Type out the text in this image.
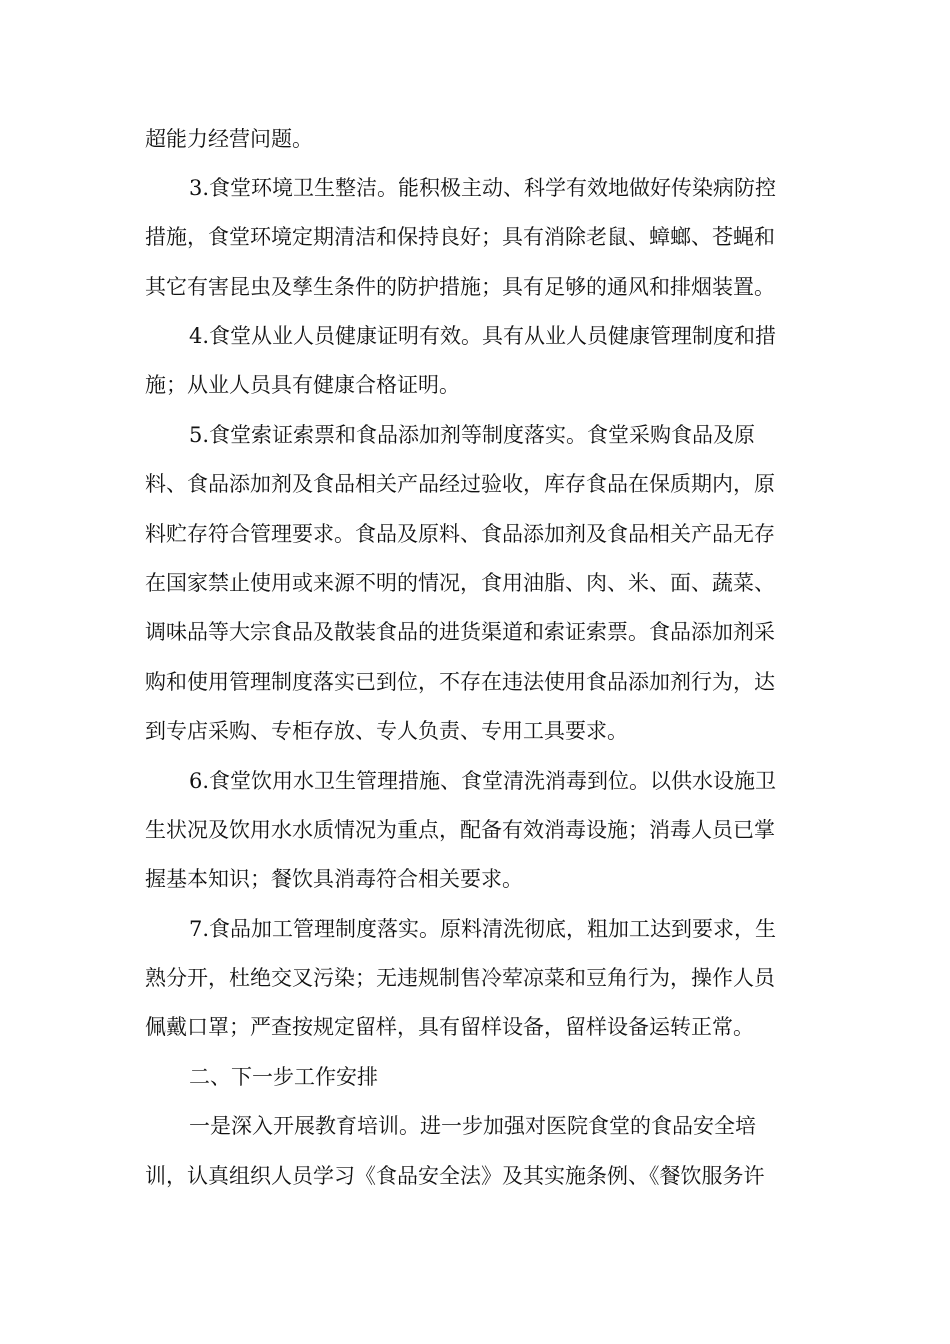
超能力经营问题。
3.食堂环境卫生整洁。能积极主动、科学有效地做好传染病防控
措施，食堂环境定期清洁和保持良好；具有消除老鼠、蟑螂、苍蝇和
其它有害昆虫及孳生条件的防护措施；具有足够的通风和排烟装置。
4.食堂从业人员健康证明有效。具有从业人员健康管理制度和措
施；从业人员具有健康合格证明。
5.食堂索证索票和食品添加剂等制度落实。食堂采购食品及原
料、食品添加剂及食品相关产品经过验收，库存食品在保质期内，原
料贮存符合管理要求。食品及原料、食品添加剂及食品相关产品无存
在国家禁止使用或来源不明的情况，食用油脂、肉、米、面、蔬菜、
调味品等大宗食品及散装食品的进货渠道和索证索票。食品添加剂采
购和使用管理制度落实已到位，不存在违法使用食品添加剂行为，达
到专店采购、专柜存放、专人负责、专用工具要求。
6.食堂饮用水卫生管理措施、食堂清洗消毒到位。以供水设施卫
生状况及饮用水水质情况为重点，配备有效消毒设施；消毒人员已掌
握基本知识；餐饮具消毒符合相关要求。
7.食品加工管理制度落实。原料清洗彻底，粗加工达到要求，生
熟分开，杜绝交叉污染；无违规制售冷荤凉菜和豆角行为，操作人员
佩戴口罩；严查按规定留样，具有留样设备，留样设备运转正常。
二、下一步工作安排
一是深入开展教育培训。进一步加强对医院食堂的食品安全培
训，认真组织人员学习《食品安全法》及其实施条例、《餐饮服务许
